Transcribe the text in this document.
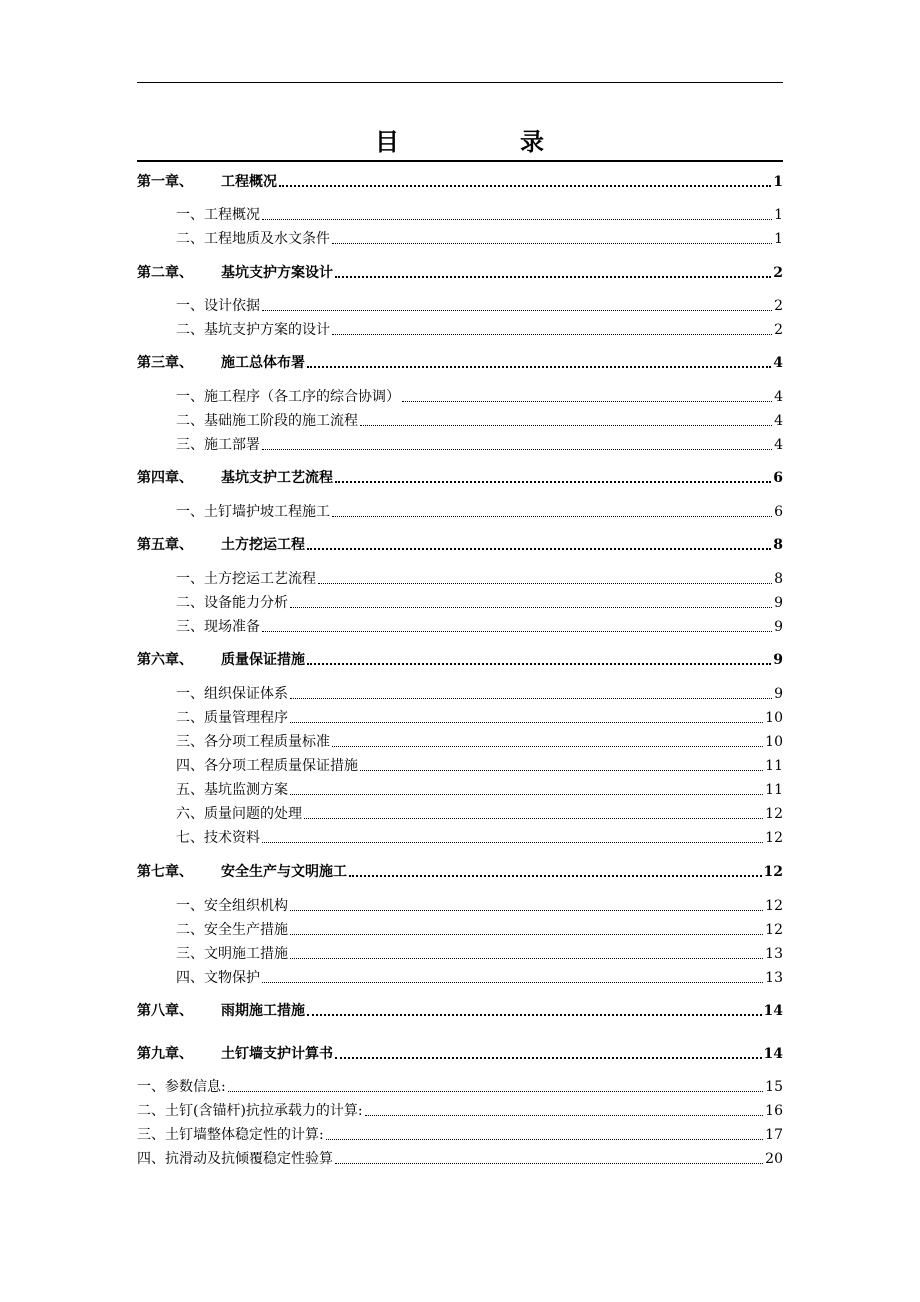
目	录
第一章、	工程概况	1
一、 工程概况	1
二、 工程地质及水文条件	1
第二章、	基坑支护方案设计	2
一、 设计依据	2
二、 基坑支护方案的设计	2
第三章、	施工总体布署	4
一、 施工程序（各工序的综合协调）	4
二、 基础施工阶段的施工流程	4
三、 施工部署	4
第四章、	基坑支护工艺流程	6
一、 土钉墙护坡工程施工	6
第五章、	土方挖运工程	8
一、 土方挖运工艺流程	8
二、 设备能力分析	9
三、 现场准备	9
第六章、	质量保证措施	9
一、 组织保证体系	9
二、 质量管理程序	10
三、 各分项工程质量标准	10
四、 各分项工程质量保证措施	11
五、 基坑监测方案	11
六、 质量问题的处理	12
七、 技术资料	12
第七章、	安全生产与文明施工	12
一、 安全组织机构	12
二、 安全生产措施	12
三、 文明施工措施	13
四、 文物保护	13
第八章、	雨期施工措施	14
第九章、	土钉墙支护计算书	14
一、参数信息:	15
二、土钉(含锚杆)抗拉承载力的计算:	16
三、土钉墙整体稳定性的计算:	17
四、抗滑动及抗倾覆稳定性验算	20
